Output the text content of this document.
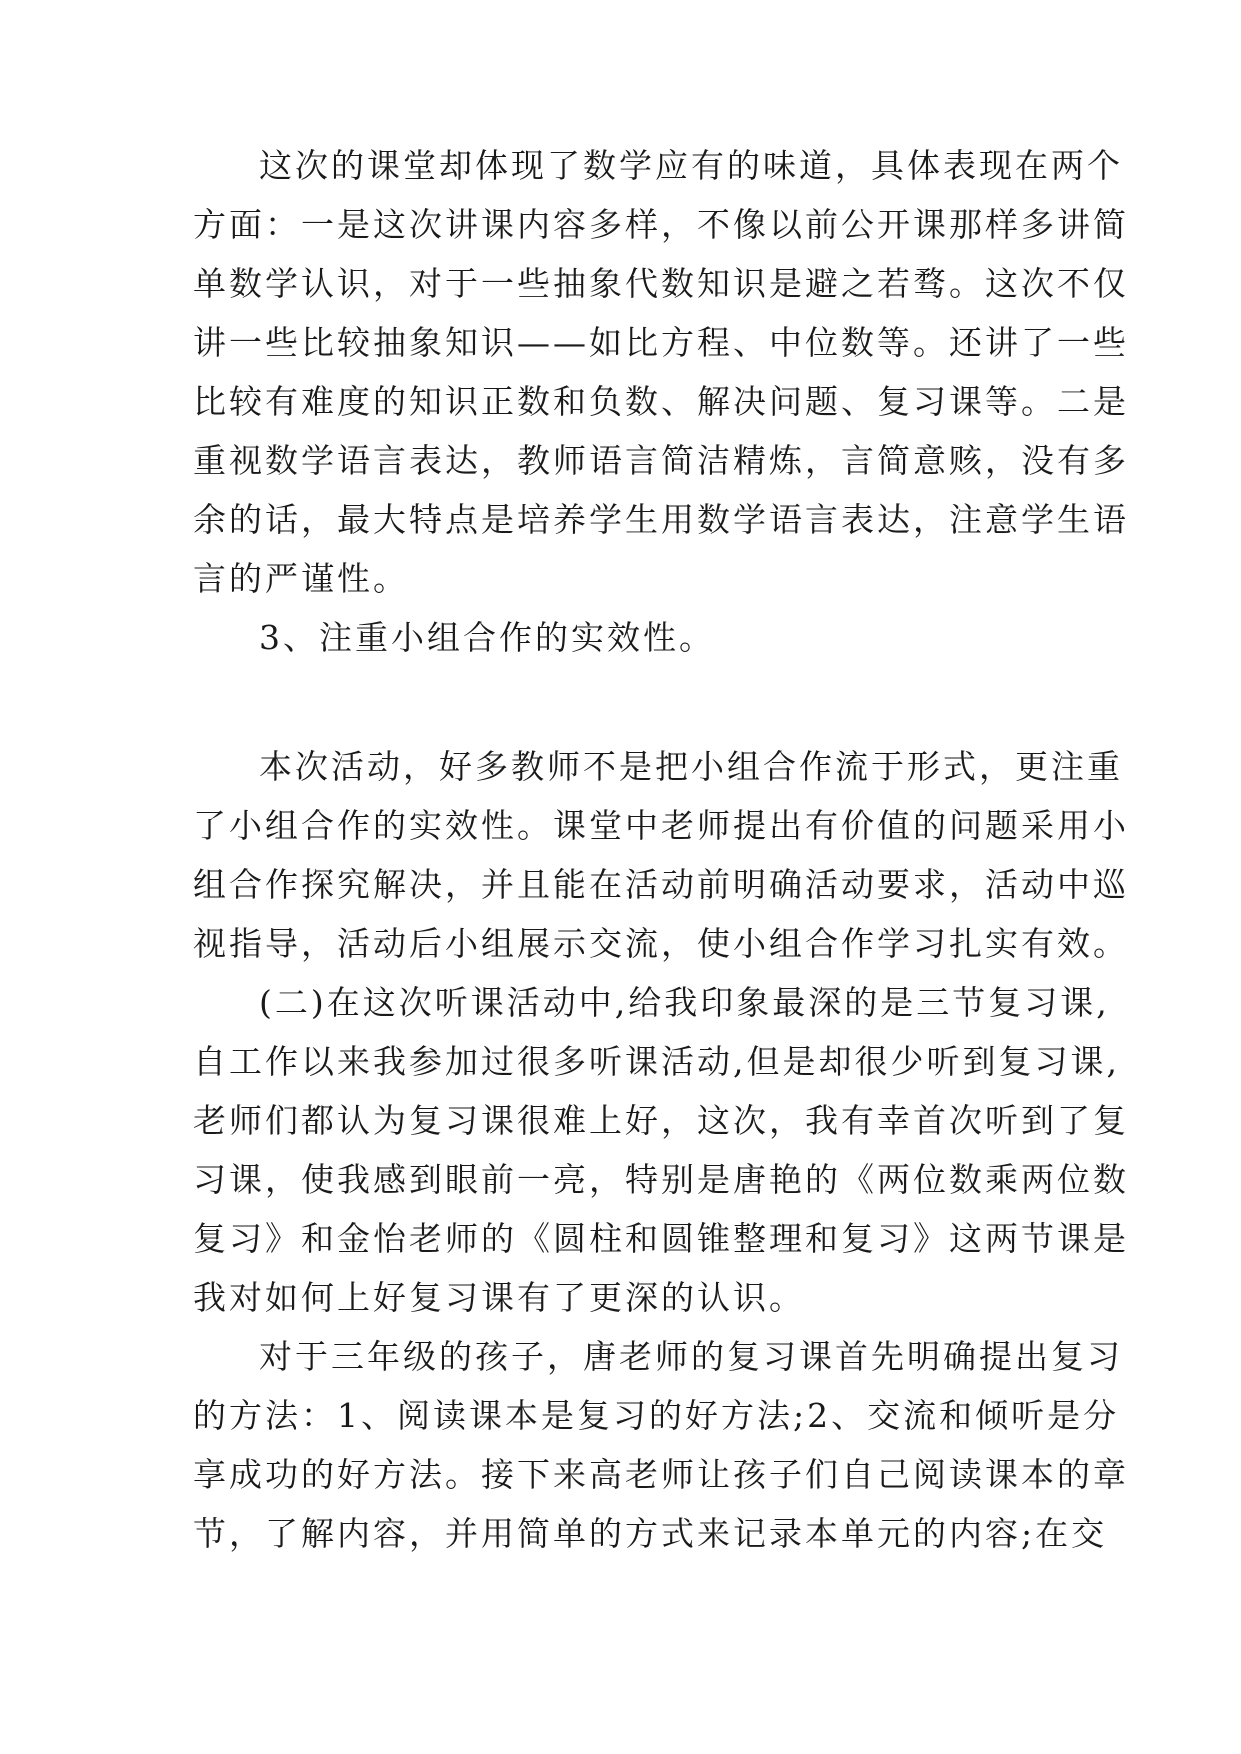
这次的课堂却体现了数学应有的味道，具体表现在两个
方面：一是这次讲课内容多样，不像以前公开课那样多讲简
单数学认识，对于一些抽象代数知识是避之若骛。这次不仅
讲一些比较抽象知识——如比方程、中位数等。还讲了一些
比较有难度的知识正数和负数、解决问题、复习课等。二是
重视数学语言表达，教师语言简洁精炼，言简意赅，没有多
余的话，最大特点是培养学生用数学语言表达，注意学生语
言的严谨性。
3、注重小组合作的实效性。
本次活动，好多教师不是把小组合作流于形式，更注重
了小组合作的实效性。课堂中老师提出有价值的问题采用小
组合作探究解决，并且能在活动前明确活动要求，活动中巡
视指导，活动后小组展示交流，使小组合作学习扎实有效。
(二)在这次听课活动中,给我印象最深的是三节复习课,
自工作以来我参加过很多听课活动,但是却很少听到复习课,
老师们都认为复习课很难上好，这次，我有幸首次听到了复
习课，使我感到眼前一亮，特别是唐艳的《两位数乘两位数
复习》和金怡老师的《圆柱和圆锥整理和复习》这两节课是
我对如何上好复习课有了更深的认识。
对于三年级的孩子，唐老师的复习课首先明确提出复习
的方法：1、阅读课本是复习的好方法;2、交流和倾听是分
享成功的好方法。接下来高老师让孩子们自己阅读课本的章
节，了解内容，并用简单的方式来记录本单元的内容;在交
